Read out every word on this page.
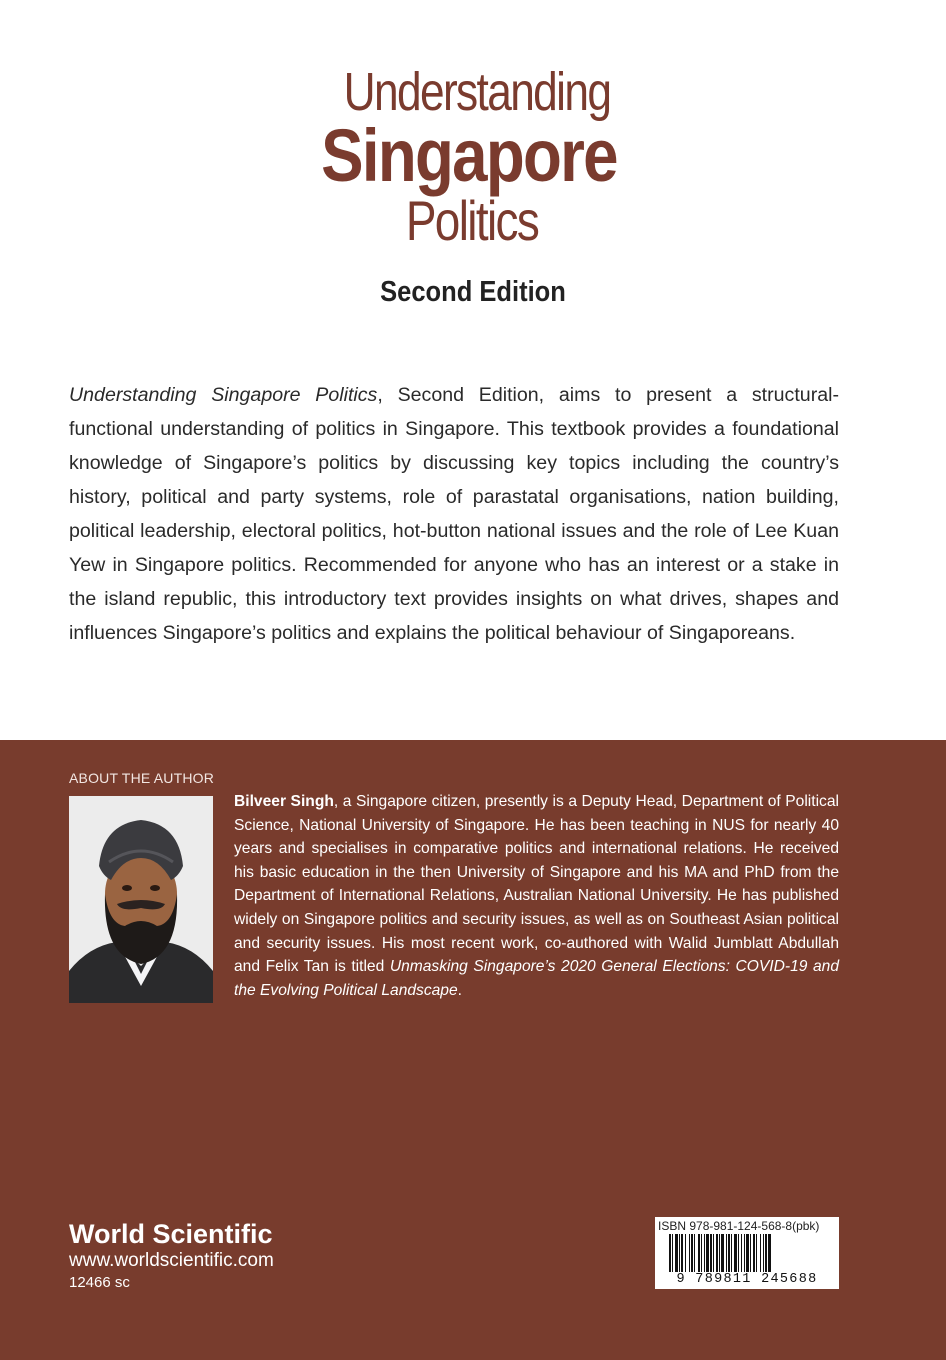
Understanding
Singapore
Politics
Second Edition
Understanding Singapore Politics, Second Edition, aims to present a structural-functional understanding of politics in Singapore. This textbook provides a foundational knowledge of Singapore’s politics by discussing key topics including the country’s history, political and party systems, role of parastatal organisations, nation building, political leadership, electoral politics, hot-button national issues and the role of Lee Kuan Yew in Singapore politics. Recommended for anyone who has an interest or a stake in the island republic, this introductory text provides insights on what drives, shapes and influences Singapore’s politics and explains the political behaviour of Singaporeans.
ABOUT THE AUTHOR
Bilveer Singh, a Singapore citizen, presently is a Deputy Head, Department of Political Science, National University of Singapore. He has been teaching in NUS for nearly 40 years and specialises in comparative politics and international relations. He received his basic education in the then University of Singapore and his MA and PhD from the Department of International Relations, Australian National University. He has published widely on Singapore politics and security issues, as well as on Southeast Asian political and security issues. His most recent work, co-authored with Walid Jumblatt Abdullah and Felix Tan is titled Unmasking Singapore’s 2020 General Elections: COVID-19 and the Evolving Political Landscape.
World Scientific
www.worldscientific.com
12466 sc
ISBN 978-981-124-568-8(pbk)
9 789811 245688
